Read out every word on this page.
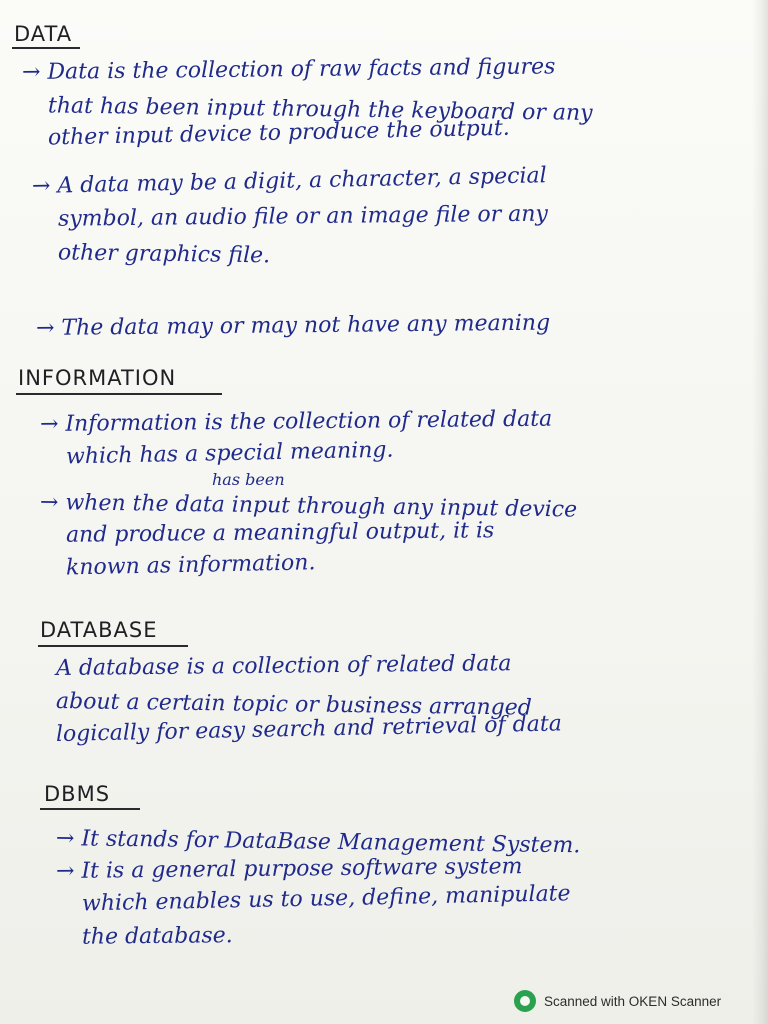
DATA
→ Data is the collection of raw facts and figures
that has been input through the keyboard or any
other input device to produce the output.
→ A data may be a digit, a character, a special
symbol, an audio file or an image file or any
other graphics file.
→ The data may or may not have any meaning
INFORMATION
→ Information is the collection of related data
which has a special meaning.
has been
→ when the data input through any input device
and produce a meaningful output, it is
known as information.
DATABASE
A database is a collection of related data
about a certain topic or business arranged
logically for easy search and retrieval of data
DBMS
→ It stands for DataBase Management System.
→ It is a general purpose software system
which enables us to use, define, manipulate
the database.
Scanned with OKEN Scanner
